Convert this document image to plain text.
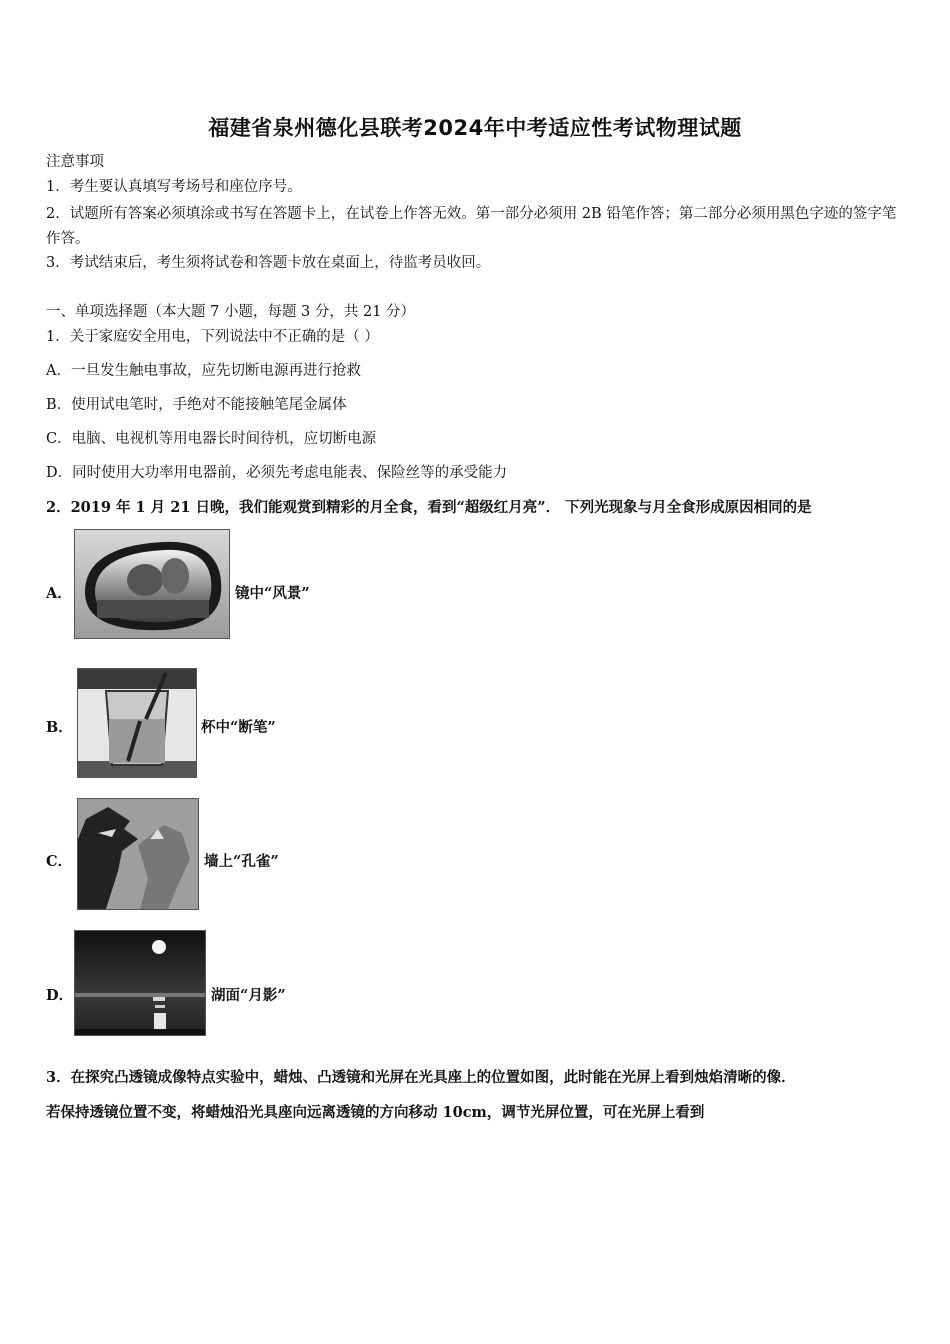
福建省泉州德化县联考2024年中考适应性考试物理试题
注意事项
1．考生要认真填写考场号和座位序号。
2．试题所有答案必须填涂或书写在答题卡上，在试卷上作答无效。第一部分必须用 2B 铅笔作答；第二部分必须用黑色字迹的签字笔作答。
3．考试结束后，考生须将试卷和答题卡放在桌面上，待监考员收回。
一、单项选择题（本大题 7 小题，每题 3 分，共 21 分）
1．关于家庭安全用电，下列说法中不正确的是（ ）
A．一旦发生触电事故，应先切断电源再进行抢救
B．使用试电笔时，手绝对不能接触笔尾金属体
C．电脑、电视机等用电器长时间待机，应切断电源
D．同时使用大功率用电器前，必须先考虑电能表、保险丝等的承受能力
2．2019 年 1 月 21 日晚，我们能观赏到精彩的月全食，看到“超级红月亮”． 下列光现象与月全食形成原因相同的是
A．	镜中“风景”
B．	杯中“断笔”
C．	墙上“孔雀”
D．	湖面“月影”
3．在探究凸透镜成像特点实验中，蜡烛、凸透镜和光屏在光具座上的位置如图，此时能在光屏上看到烛焰清晰的像．
若保持透镜位置不变，将蜡烛沿光具座向远离透镜的方向移动 10cm，调节光屏位置，可在光屏上看到
